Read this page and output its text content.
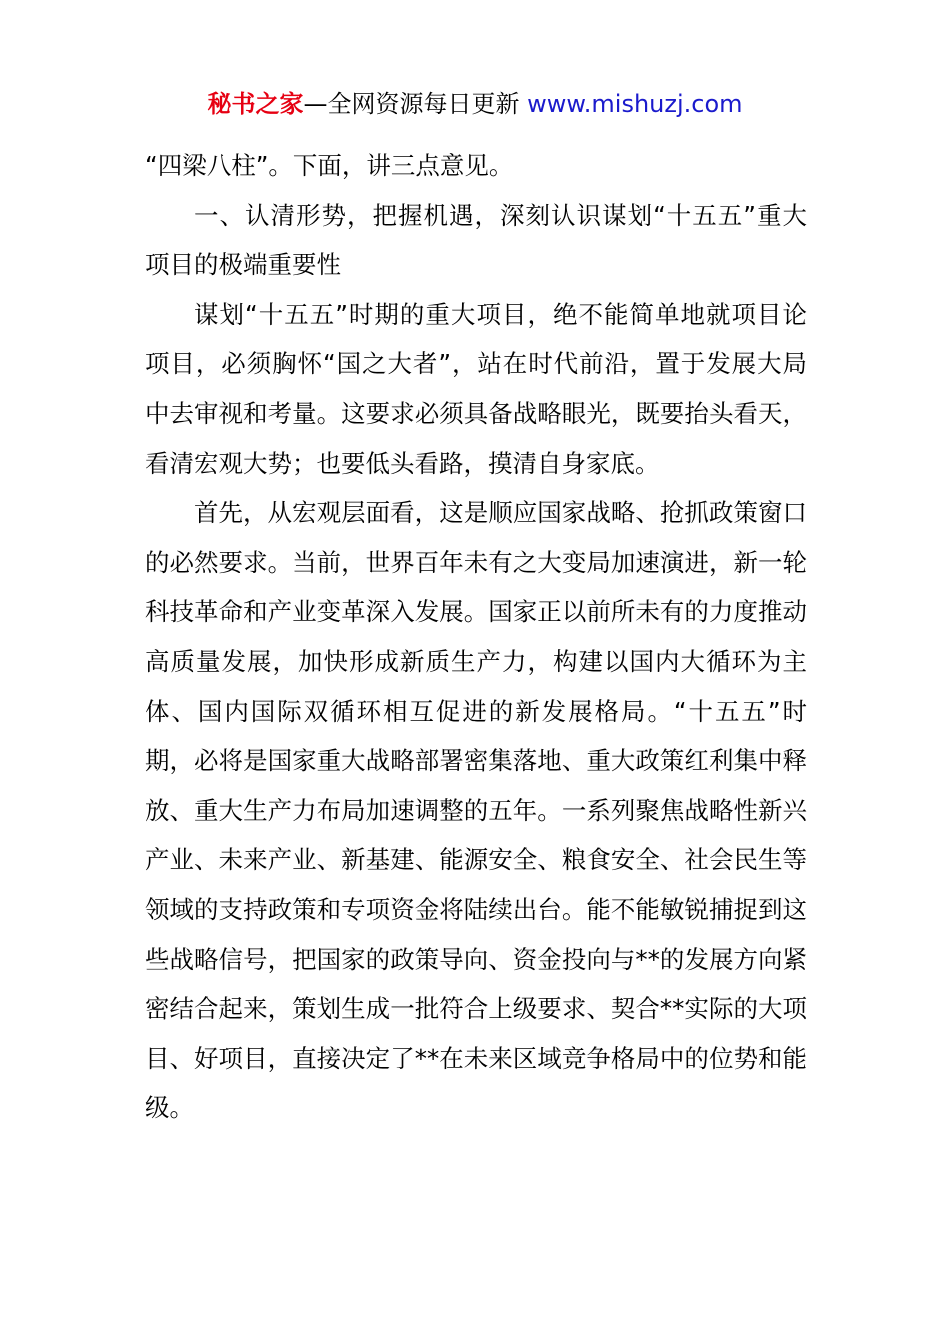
秘书之家—全网资源每日更新 www.mishuzj.com

“四梁八柱”。下面，讲三点意见。

一、认清形势，把握机遇，深刻认识谋划“十五五”重大项目的极端重要性

谋划“十五五”时期的重大项目，绝不能简单地就项目论项目，必须胸怀“国之大者”，站在时代前沿，置于发展大局中去审视和考量。这要求必须具备战略眼光，既要抬头看天，看清宏观大势；也要低头看路，摸清自身家底。

首先，从宏观层面看，这是顺应国家战略、抢抓政策窗口的必然要求。当前，世界百年未有之大变局加速演进，新一轮科技革命和产业变革深入发展。国家正以前所未有的力度推动高质量发展，加快形成新质生产力，构建以国内大循环为主体、国内国际双循环相互促进的新发展格局。“十五五”时期，必将是国家重大战略部署密集落地、重大政策红利集中释放、重大生产力布局加速调整的五年。一系列聚焦战略性新兴产业、未来产业、新基建、能源安全、粮食安全、社会民生等领域的支持政策和专项资金将陆续出台。能不能敏锐捕捉到这些战略信号，把国家的政策导向、资金投向与**的发展方向紧密结合起来，策划生成一批符合上级要求、契合**实际的大项目、好项目，直接决定了**在未来区域竞争格局中的位势和能级。
